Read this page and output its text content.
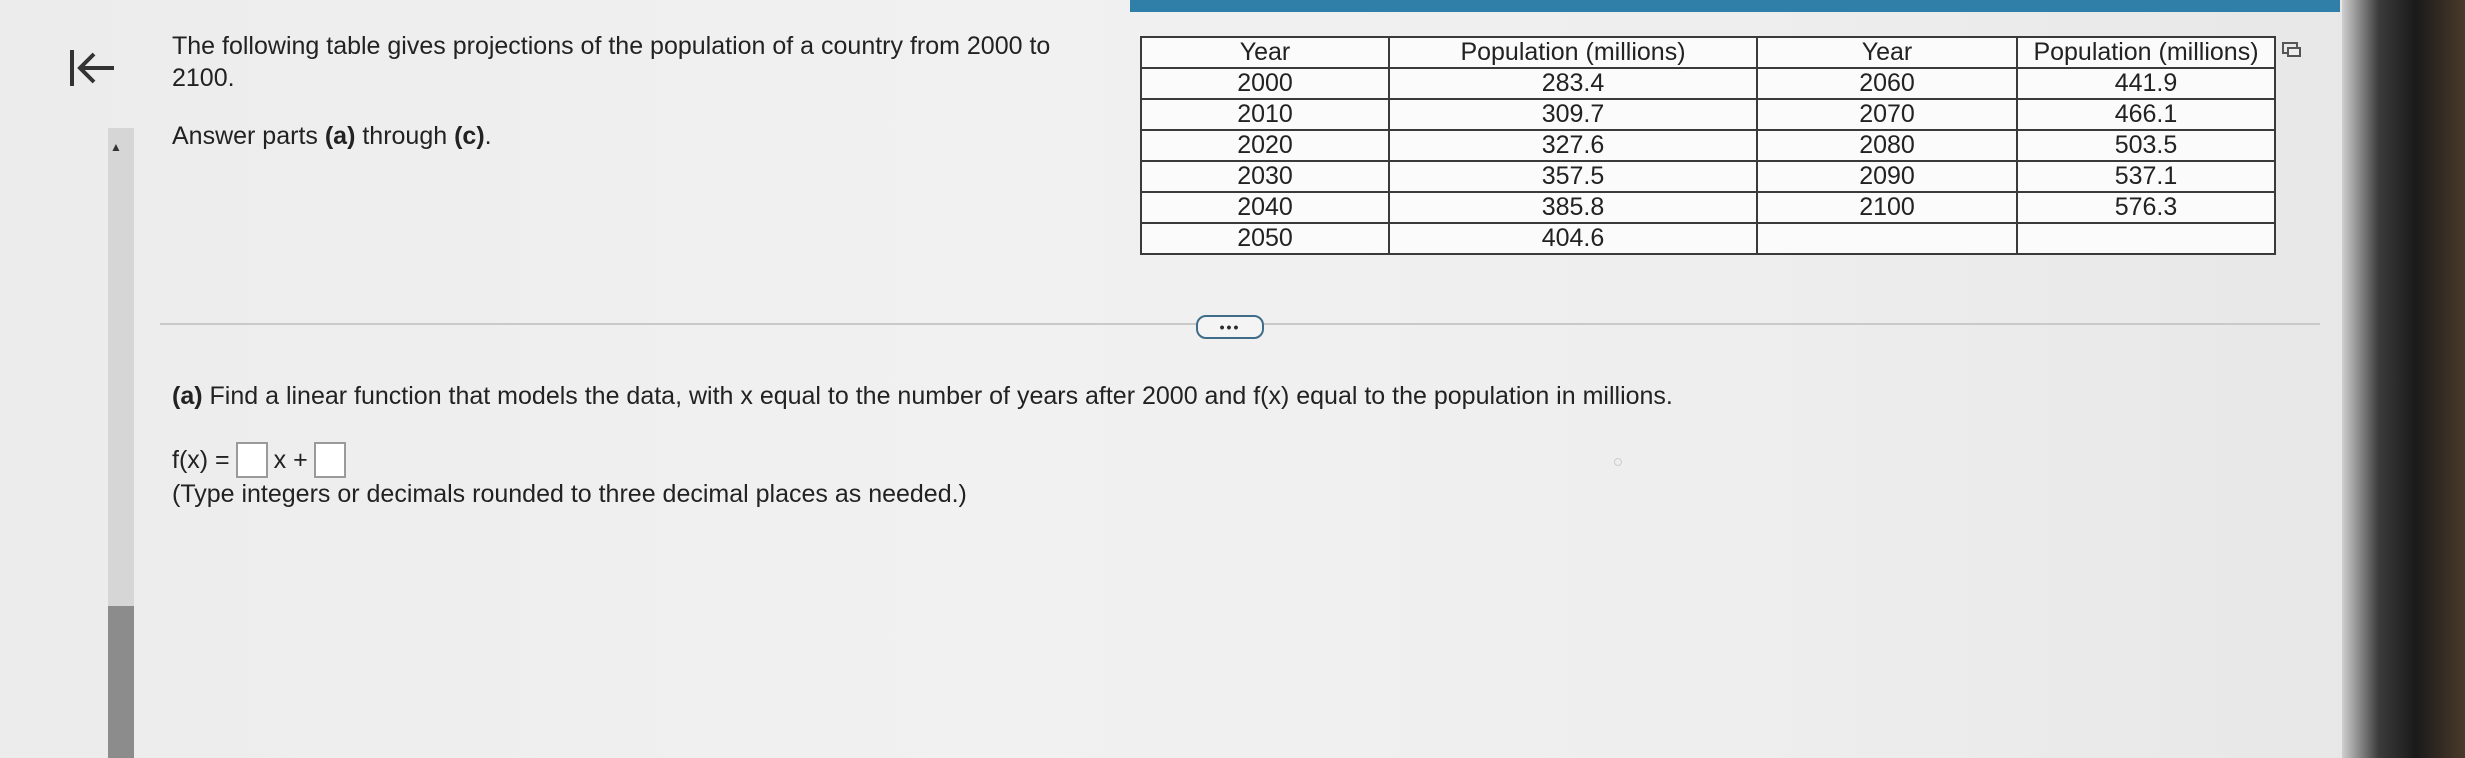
▲

The following table gives projections of the population of a country from 2000 to

2100.

Answer parts (a) through (c).

Year	Population (millions)	Year	Population (millions)
2000	283.4	2060	441.9
2010	309.7	2070	466.1
2020	327.6	2080	503.5
2030	357.5	2090	537.1
2040	385.8	2100	576.3
2050	404.6		
•••
(a) Find a linear function that models the data, with x equal to the number of years after 2000 and f(x) equal to the population in millions.
f(x) = x +
(Type integers or decimals rounded to three decimal places as needed.)
